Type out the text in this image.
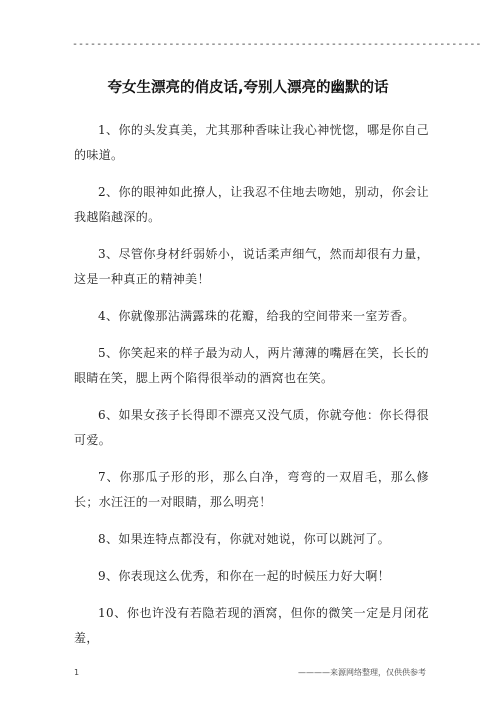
--------------------------------------------------------------------
夸女生漂亮的俏皮话,夸别人漂亮的幽默的话

1、你的头发真美，尤其那种香味让我心神恍惚，哪是你自己的味道。

2、你的眼神如此撩人，让我忍不住地去吻她，别动，你会让我越陷越深的。

3、尽管你身材纤弱娇小，说话柔声细气，然而却很有力量，这是一种真正的精神美！

4、你就像那沾满露珠的花瓣，给我的空间带来一室芳香。

5、你笑起来的样子最为动人，两片薄薄的嘴唇在笑，长长的眼睛在笑，腮上两个陷得很举动的酒窝也在笑。

6、如果女孩子长得即不漂亮又没气质，你就夸他：你长得很可爱。

7、你那瓜子形的形，那么白净，弯弯的一双眉毛，那么修长；水汪汪的一对眼睛，那么明亮！

8、如果连特点都没有，你就对她说，你可以跳河了。

9、你表现这么优秀，和你在一起的时候压力好大啊！

10、你也许没有若隐若现的酒窝，但你的微笑一定是月闭花羞，

1	————来源网络整理，仅供供参考
